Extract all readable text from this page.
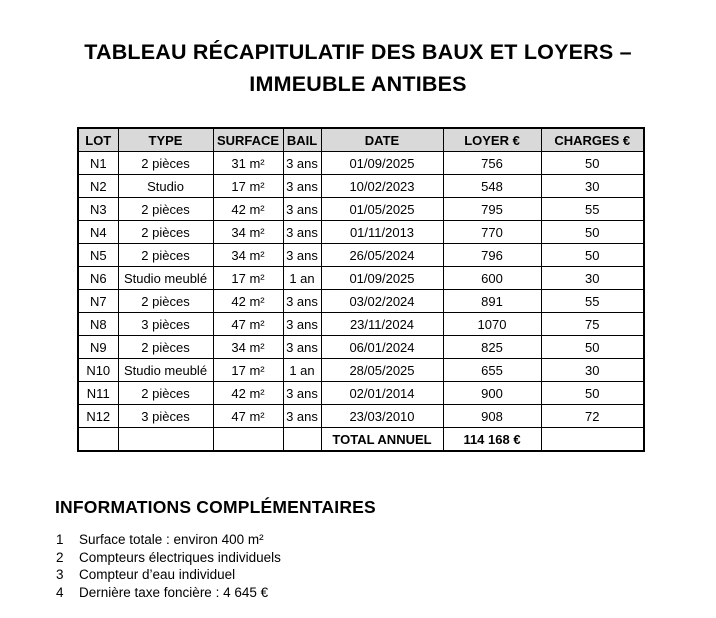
TABLEAU RÉCAPITULATIF DES BAUX ET LOYERS –
IMMEUBLE ANTIBES
LOT	TYPE	SURFACE	BAIL	DATE	LOYER €	CHARGES €
N1	2 pièces	31 m²	3 ans	01/09/2025	756	50
N2	Studio	17 m²	3 ans	10/02/2023	548	30
N3	2 pièces	42 m²	3 ans	01/05/2025	795	55
N4	2 pièces	34 m²	3 ans	01/11/2013	770	50
N5	2 pièces	34 m²	3 ans	26/05/2024	796	50
N6	Studio meublé	17 m²	1 an	01/09/2025	600	30
N7	2 pièces	42 m²	3 ans	03/02/2024	891	55
N8	3 pièces	47 m²	3 ans	23/11/2024	1070	75
N9	2 pièces	34 m²	3 ans	06/01/2024	825	50
N10	Studio meublé	17 m²	1 an	28/05/2025	655	30
N11	2 pièces	42 m²	3 ans	02/01/2014	900	50
N12	3 pièces	47 m²	3 ans	23/03/2010	908	72
				TOTAL ANNUEL	114 168 €	
INFORMATIONS COMPLÉMENTAIRES
1	Surface totale : environ 400 m²
2	Compteurs électriques individuels
3	Compteur d’eau individuel
4	Dernière taxe foncière : 4 645 €
